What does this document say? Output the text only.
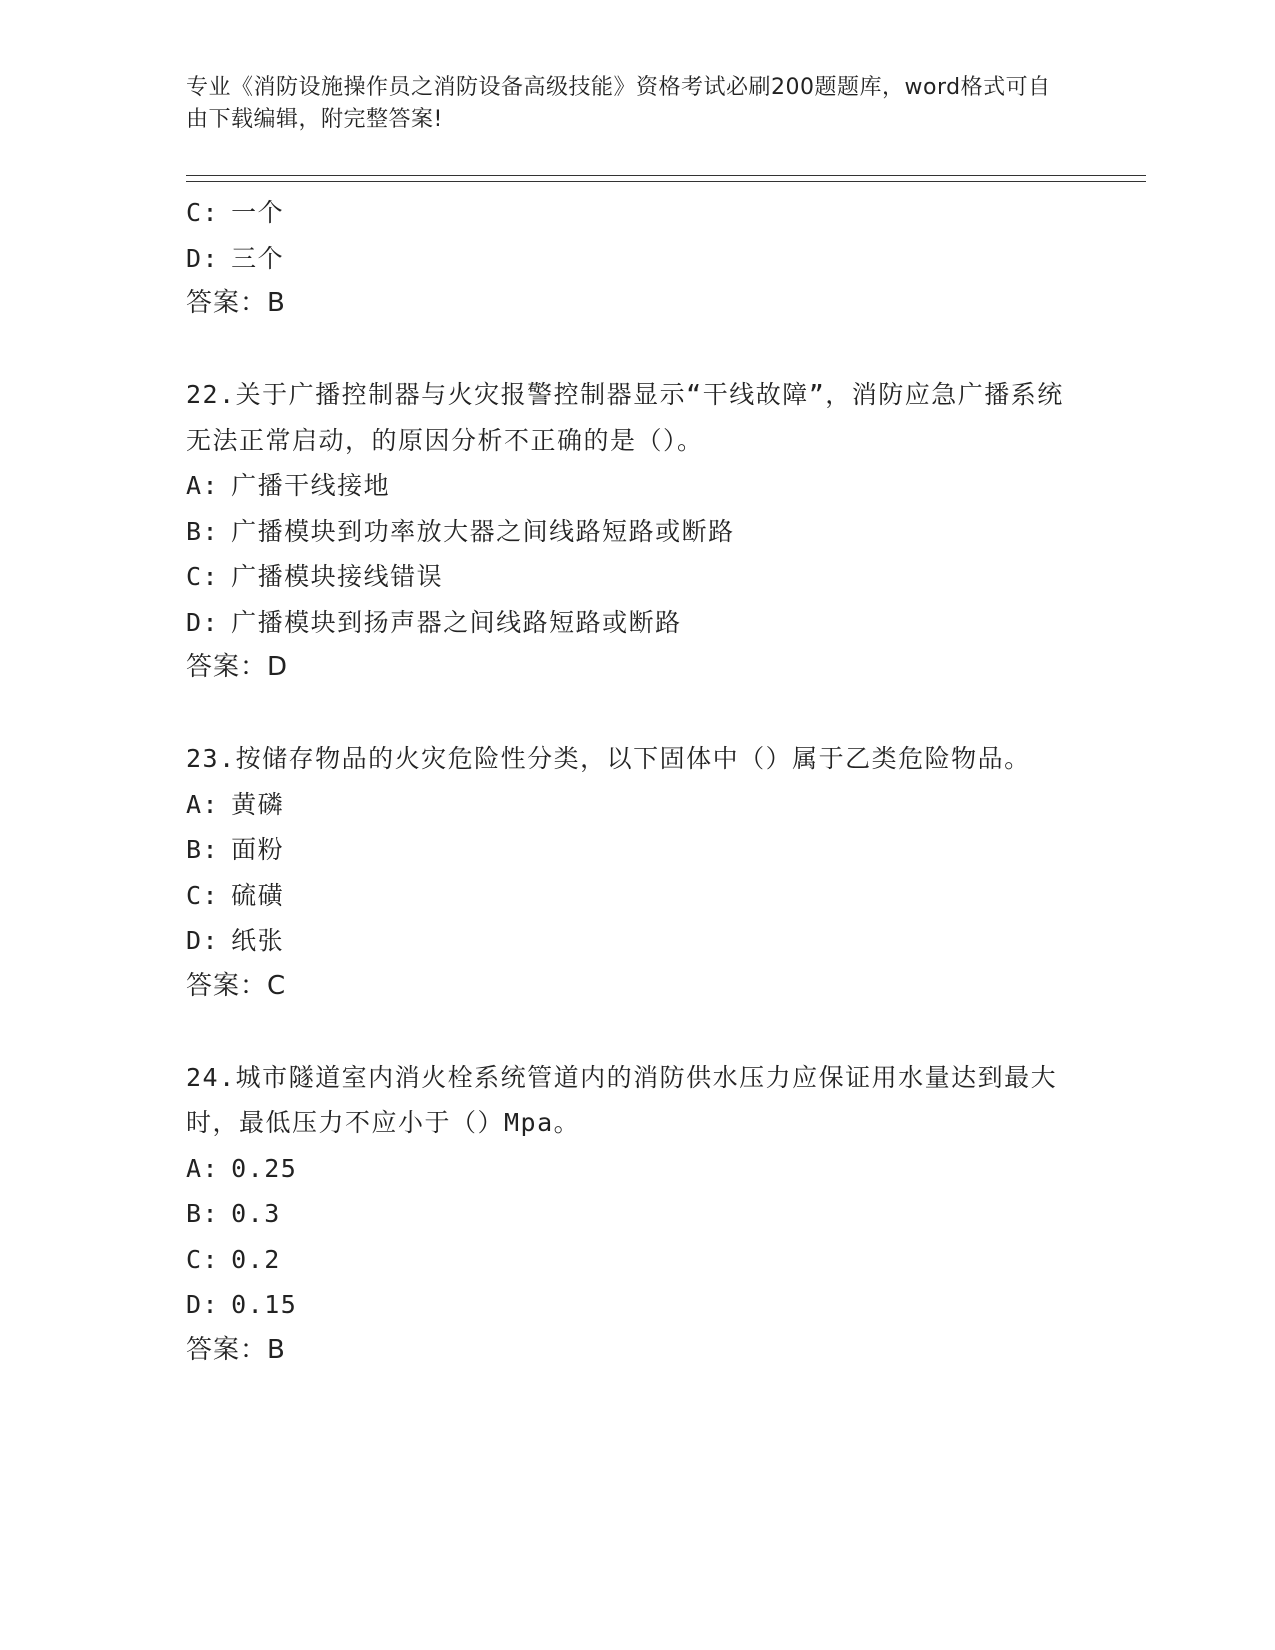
专业《消防设施操作员之消防设备高级技能》资格考试必刷200题题库，word格式可自由下载编辑，附完整答案!
C: 一个
D: 三个
答案：B
22.关于广播控制器与火灾报警控制器显示“干线故障”，消防应急广播系统无法正常启动，的原因分析不正确的是（）。
A: 广播干线接地
B: 广播模块到功率放大器之间线路短路或断路
C: 广播模块接线错误
D: 广播模块到扬声器之间线路短路或断路
答案：D
23.按储存物品的火灾危险性分类，以下固体中（）属于乙类危险物品。
A: 黄磷
B: 面粉
C: 硫磺
D: 纸张
答案：C
24.城市隧道室内消火栓系统管道内的消防供水压力应保证用水量达到最大时，最低压力不应小于（）Mpa。
A: 0.25
B: 0.3
C: 0.2
D: 0.15
答案：B
